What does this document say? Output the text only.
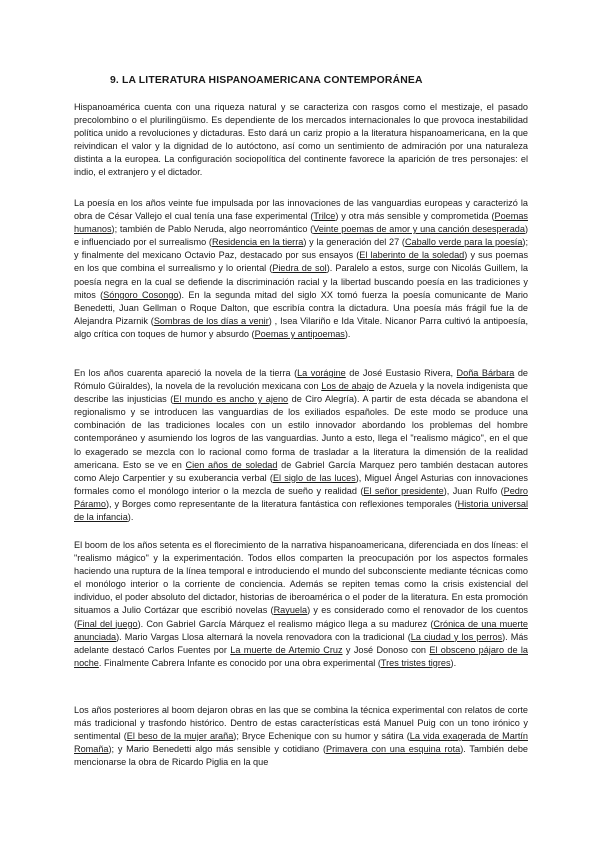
9. LA LITERATURA HISPANOAMERICANA CONTEMPORÁNEA

Hispanoamérica cuenta con una riqueza natural y se caracteriza con rasgos como el mestizaje, el pasado precolombino o el plurilingüismo. Es dependiente de los mercados internacionales lo que provoca inestabilidad política unido a revoluciones y dictaduras. Esto dará un cariz propio a la literatura hispanoamericana, en la que reivindican el valor y la dignidad de lo autóctono, así como un sentimiento de admiración por una naturaleza distinta a la europea. La configuración sociopolítica del continente favorece la aparición de tres personajes: el indio, el extranjero y el dictador.

La poesía en los años veinte fue impulsada por las innovaciones de las vanguardias europeas y caracterizó la obra de César Vallejo el cual tenía una fase experimental (Trilce) y otra más sensible y comprometida (Poemas humanos); también de Pablo Neruda, algo neorromántico (Veinte poemas de amor y una canción desesperada) e influenciado por el surrealismo (Residencia en la tierra) y la generación del 27 (Caballo verde para la poesía); y finalmente del mexicano Octavio Paz, destacado por sus ensayos (El laberinto de la soledad) y sus poemas en los que combina el surrealismo y lo oriental (Piedra de sol). Paralelo a estos, surge con Nicolás Guillem, la poesía negra en la cual se defiende la discriminación racial y la libertad buscando poesía en las tradiciones y mitos (Sóngoro Cosongo). En la segunda mitad del siglo XX tomó fuerza la poesía comunicante de Mario Benedetti, Juan Gellman o Roque Dalton, que escribía contra la dictadura. Una poesía más frágil fue la de Alejandra Pizarnik (Sombras de los días a venir) , Isea Vilariño e Ida Vitale. Nicanor Parra cultivó la antipoesía, algo crítica con toques de humor y absurdo (Poemas y antipoemas).

En los años cuarenta apareció la novela de la tierra (La vorágine de José Eustasio Rivera, Doña Bárbara de Rómulo Güiraldes), la novela de la revolución mexicana con Los de abajo de Azuela y la novela indigenista que describe las injusticias (El mundo es ancho y ajeno de Ciro Alegría). A partir de esta década se abandona el regionalismo y se introducen las vanguardias de los exiliados españoles. De este modo se produce una combinación de las tradiciones locales con un estilo innovador abordando los problemas del hombre contemporáneo y asumiendo los logros de las vanguardias. Junto a esto, llega el "realismo mágico", en el que lo exagerado se mezcla con lo racional como forma de trasladar a la literatura la dimensión de la realidad americana. Esto se ve en Cien años de soledad de Gabriel García Marquez pero también destacan autores como Alejo Carpentier y su exuberancia verbal (El siglo de las luces), Miguel Ángel Asturias con innovaciones formales como el monólogo interior o la mezcla de sueño y realidad (El señor presidente), Juan Rulfo (Pedro Páramo), y Borges como representante de la literatura fantástica con reflexiones temporales (Historia universal de la infancia).

El boom de los años setenta es el florecimiento de la narrativa hispanoamericana, diferenciada en dos líneas: el "realismo mágico" y la experimentación. Todos ellos comparten la preocupación por los aspectos formales haciendo una ruptura de la línea temporal e introduciendo el mundo del subconsciente mediante técnicas como el monólogo interior o la corriente de conciencia. Además se repiten temas como la crisis existencial del individuo, el poder absoluto del dictador, historias de iberoamérica o el poder de la literatura. En esta promoción situamos a Julio Cortázar que escribió novelas (Rayuela) y es considerado como el renovador de los cuentos (Final del juego). Con Gabriel García Márquez el realismo mágico llega a su madurez (Crónica de una muerte anunciada). Mario Vargas Llosa alternará la novela renovadora con la tradicional (La ciudad y los perros). Más adelante destacó Carlos Fuentes por La muerte de Artemio Cruz y José Donoso con El obsceno pájaro de la noche. Finalmente Cabrera Infante es conocido por una obra experimental (Tres tristes tigres).

Los años posteriores al boom dejaron obras en las que se combina la técnica experimental con relatos de corte más tradicional y trasfondo histórico. Dentro de estas características está Manuel Puig con un tono irónico y sentimental (El beso de la mujer araña); Bryce Echenique con su humor y sátira (La vida exagerada de Martín Romaña); y Mario Benedetti algo más sensible y cotidiano (Primavera con una esquina rota). También debe mencionarse la obra de Ricardo Piglia en la que
